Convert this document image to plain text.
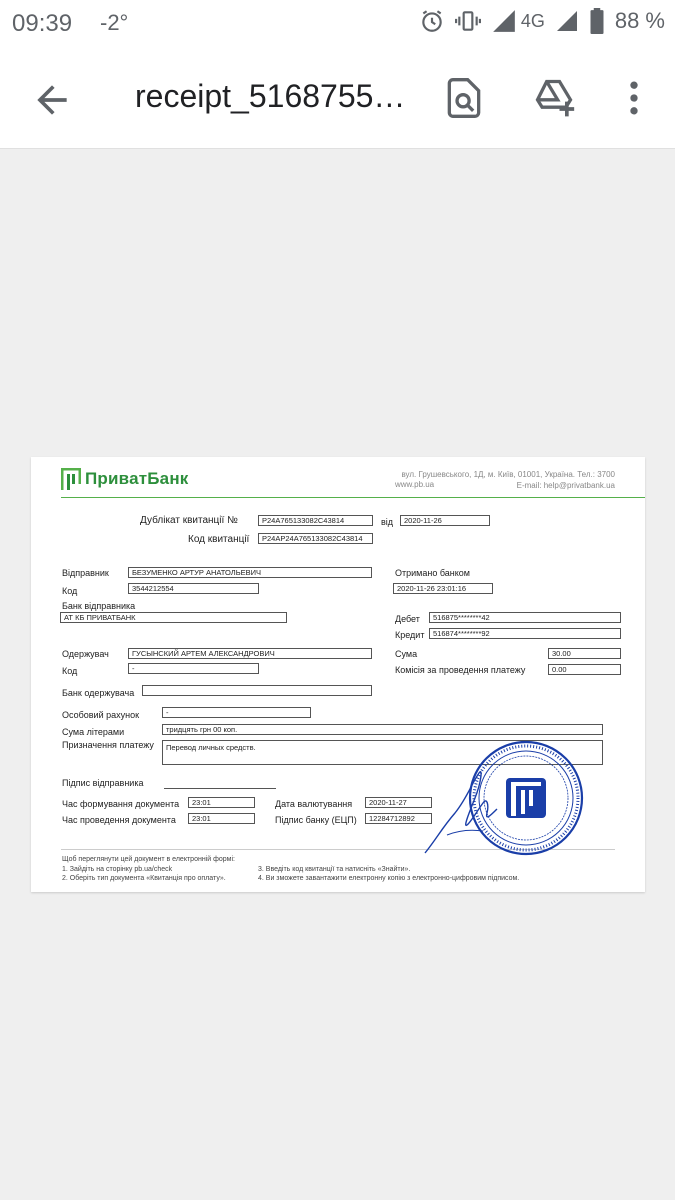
09:39 -2°	4G	88 %
receipt_5168755…
ПриватБанк	вул. Грушевського, 1Д, м. Київ, 01001, Україна. Тел.: 3700
E-mail: help@privatbank.ua
www.pb.ua
Дублікат квитанції №	P24A765133082C43814	від	2020-11-26
Код квитанції	P24AP24A765133082C43814
Відправник	БЕЗУМЕНКО АРТУР АНАТОЛЬЕВИЧ
Код	3544212554
Банк відправника
АТ КБ ПРИВАТБАНК
Отримано банком
2020-11-26 23:01:16
Дебет	516875********42
Кредит	516874********92
Одержувач	ГУСЫНСКИЙ АРТЕМ АЛЕКСАНДРОВИЧ
Код	-
Банк одержувача
Сума	30.00
Комісія за проведення платежу	0.00
Особовий рахунок	-
Сума літерами	тридцять грн 00 коп.
Призначення платежу	Перевод личных средств.
Підпис відправника
Час формування документа	23:01	Дата валютування	2020-11-27
Час проведення документа	23:01	Підпис банку (ЕЦП)	12284712892
Щоб переглянути цей документ в електронній формі:
1. Зайдіть на сторінку pb.ua/check
2. Оберіть тип документа «Квитанція про оплату».
3. Введіть код квитанції та натисніть «Знайти».
4. Ви зможете завантажити електронну копію з електронно-цифровим підписом.
